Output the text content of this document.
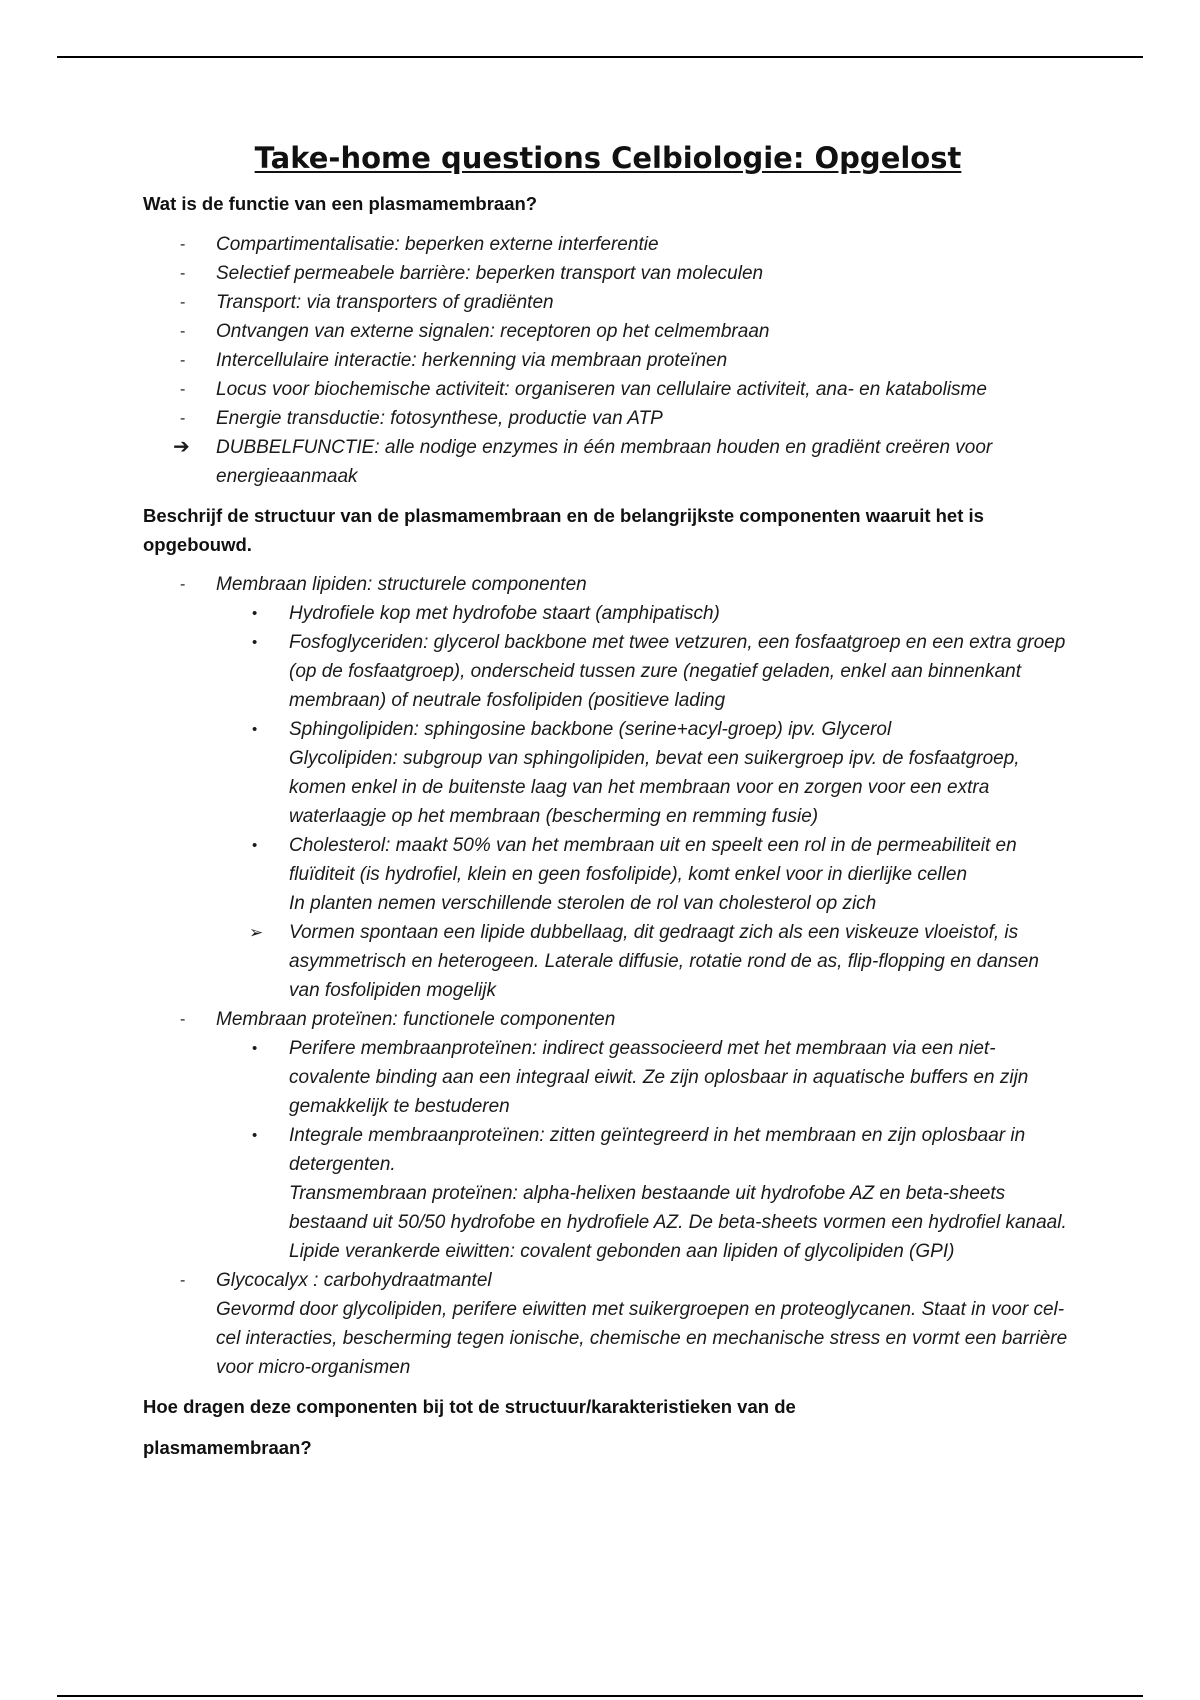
Take-home questions Celbiologie: Opgelost

Wat is de functie van een plasmamembraan?

- Compartimentalisatie: beperken externe interferentie
- Selectief permeabele barrière: beperken transport van moleculen
- Transport: via transporters of gradiënten
- Ontvangen van externe signalen: receptoren op het celmembraan
- Intercellulaire interactie: herkenning via membraan proteïnen
- Locus voor biochemische activiteit: organiseren van cellulaire activiteit, ana- en katabolisme
- Energie transductie: fotosynthese, productie van ATP
➔ DUBBELFUNCTIE: alle nodige enzymes in één membraan houden en gradiënt creëren voor energieaanmaak

Beschrijf de structuur van de plasmamembraan en de belangrijkste componenten waaruit het is opgebouwd.

- Membraan lipiden: structurele componenten
•	Hydrofiele kop met hydrofobe staart (amphipatisch)
•	Fosfoglyceriden: glycerol backbone met twee vetzuren, een fosfaatgroep en een extra groep (op de fosfaatgroep), onderscheid tussen zure (negatief geladen, enkel aan binnenkant membraan) of neutrale fosfolipiden (positieve lading
•	Sphingolipiden: sphingosine backbone (serine+acyl-groep) ipv. Glycerol
Glycolipiden: subgroup van sphingolipiden, bevat een suikergroep ipv. de fosfaatgroep, komen enkel in de buitenste laag van het membraan voor en zorgen voor een extra waterlaagje op het membraan (bescherming en remming fusie)
•	Cholesterol: maakt 50% van het membraan uit en speelt een rol in de permeabiliteit en fluïditeit (is hydrofiel, klein en geen fosfolipide), komt enkel voor in dierlijke cellen
In planten nemen verschillende sterolen de rol van cholesterol op zich
➢	Vormen spontaan een lipide dubbellaag, dit gedraagt zich als een viskeuze vloeistof, is asymmetrisch en heterogeen. Laterale diffusie, rotatie rond de as, flip-flopping en dansen van fosfolipiden mogelijk
- Membraan proteïnen: functionele componenten
•	Perifere membraanproteïnen: indirect geassocieerd met het membraan via een niet-covalente binding aan een integraal eiwit. Ze zijn oplosbaar in aquatische buffers en zijn gemakkelijk te bestuderen
•	Integrale membraanproteïnen: zitten geïntegreerd in het membraan en zijn oplosbaar in detergenten.
Transmembraan proteïnen: alpha-helixen bestaande uit hydrofobe AZ en beta-sheets bestaand uit 50/50 hydrofobe en hydrofiele AZ. De beta-sheets vormen een hydrofiel kanaal.
Lipide verankerde eiwitten: covalent gebonden aan lipiden of glycolipiden (GPI)
- Glycocalyx : carbohydraatmantel
Gevormd door glycolipiden, perifere eiwitten met suikergroepen en proteoglycanen. Staat in voor cel-cel interacties, bescherming tegen ionische, chemische en mechanische stress en vormt een barrière voor micro-organismen

Hoe dragen deze componenten bij tot de structuur/karakteristieken van de

plasmamembraan?
